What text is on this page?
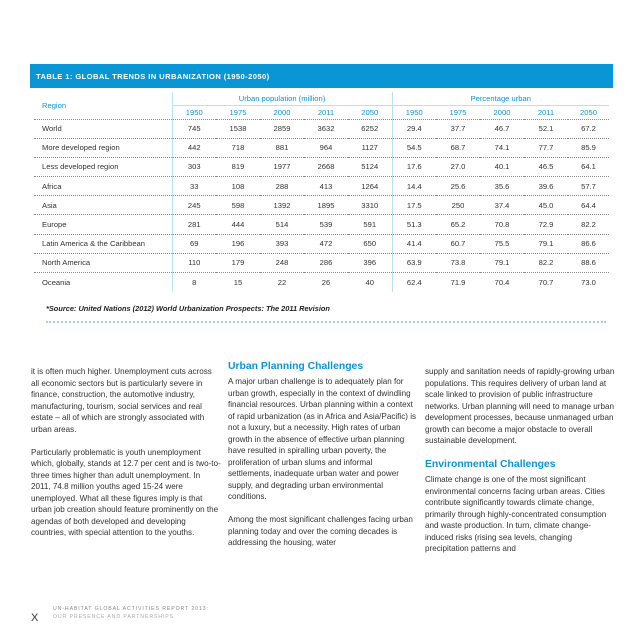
TABLE 1: GLOBAL TRENDS IN URBANIZATION (1950-2050)
Region	Urban population (million)					Percentage urban				
	1950	1975	2000	2011	2050	1950	1975	2000	2011	2050
World	745	1538	2859	3632	6252	29.4	37.7	46.7	52.1	67.2
More developed region	442	718	881	964	1127	54.5	68.7	74.1	77.7	85.9
Less developed region	303	819	1977	2668	5124	17.6	27.0	40.1	46.5	64.1
Africa	33	108	288	413	1264	14.4	25.6	35.6	39.6	57.7
Asia	245	598	1392	1895	3310	17.5	250	37.4	45.0	64.4
Europe	281	444	514	539	591	51.3	65.2	70.8	72.9	82.2
Latin America & the Caribbean	69	196	393	472	650	41.4	60.7	75.5	79.1	86.6
North America	110	179	248	286	396	63.9	73.8	79.1	82.2	88.6
Oceania	8	15	22	26	40	62.4	71.9	70.4	70.7	73.0
*Source: United Nations (2012) World Urbanization Prospects: The 2011 Revision

it is often much higher. Unemployment cuts across all economic sectors but is particularly severe in finance, construction, the automotive industry, manufacturing, tourism, social services and real estate – all of which are strongly associated with urban areas.

Particularly problematic is youth unemployment which, globally, stands at 12.7 per cent and is two-to-three times higher than adult unemployment. In 2011, 74.8 million youths aged 15-24 were unemployed. What all these figures imply is that urban job creation should feature prominently on the agendas of both developed and developing countries, with special attention to the youths.

Urban Planning Challenges

A major urban challenge is to adequately plan for urban growth, especially in the context of dwindling financial resources. Urban planning within a context of rapid urbanization (as in Africa and Asia/Pacific) is not a luxury, but a necessity. High rates of urban growth in the absence of effective urban planning have resulted in spiralling urban poverty, the proliferation of urban slums and informal settlements, inadequate urban water and power supply, and degrading urban environmental conditions.

Among the most significant challenges facing urban planning today and over the coming decades is addressing the housing, water

supply and sanitation needs of rapidly-growing urban populations. This requires delivery of urban land at scale linked to provision of public infrastructure networks. Urban planning will need to manage urban development processes, because unmanaged urban growth can become a major obstacle to overall sustainable development.

Environmental Challenges

Climate change is one of the most significant environmental concerns facing urban areas. Cities contribute significantly towards climate change, primarily through highly-concentrated consumption and waste production. In turn, climate change-induced risks (rising sea levels, changing precipitation patterns and

X
UN-HABITAT GLOBAL ACTIVITIES REPORT 2013:
OUR PRESENCE AND PARTNERSHIPS
